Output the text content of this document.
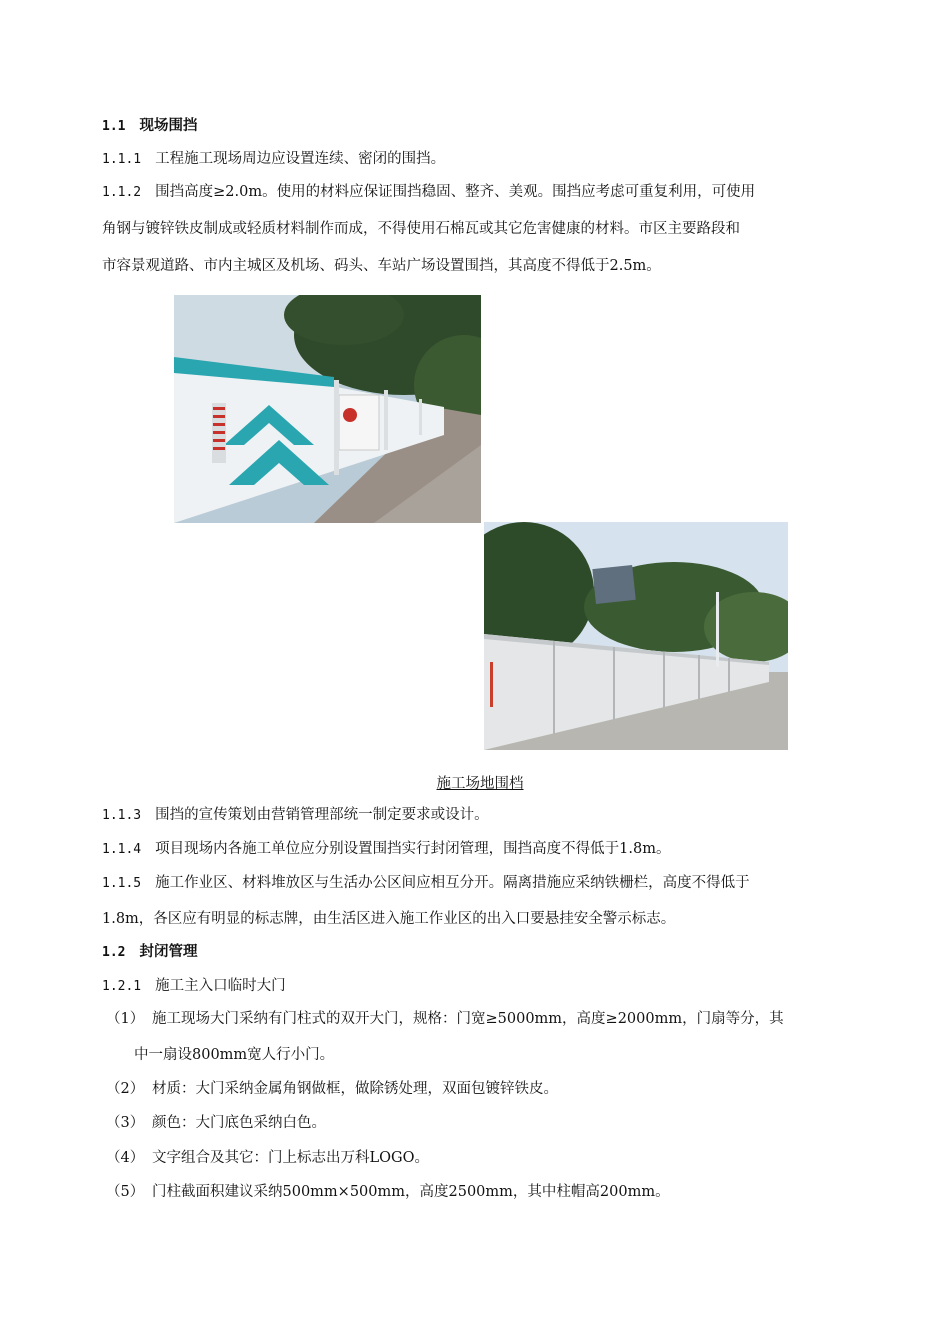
1.1 现场围挡
1.1.1 工程施工现场周边应设置连续、密闭的围挡。
1.1.2 围挡高度≥2.0m。使用的材料应保证围挡稳固、整齐、美观。围挡应考虑可重复利用，可使用
角钢与镀锌铁皮制成或轻质材料制作而成，不得使用石棉瓦或其它危害健康的材料。市区主要路段和
市容景观道路、市内主城区及机场、码头、车站广场设置围挡，其高度不得低于2.5m。
施工场地围档
1.1.3 围挡的宣传策划由营销管理部统一制定要求或设计。
1.1.4 项目现场内各施工单位应分别设置围挡实行封闭管理，围挡高度不得低于1.8m。
1.1.5 施工作业区、材料堆放区与生活办公区间应相互分开。隔离措施应采纳铁栅栏，高度不得低于
1.8m，各区应有明显的标志牌，由生活区进入施工作业区的出入口要悬挂安全警示标志。
1.2 封闭管理
1.2.1 施工主入口临时大门
（1） 施工现场大门采纳有门柱式的双开大门，规格：门宽≥5000mm，高度≥2000mm，门扇等分，其
中一扇设800mm宽人行小门。
（2） 材质：大门采纳金属角钢做框，做除锈处理，双面包镀锌铁皮。
（3） 颜色：大门底色采纳白色。
（4） 文字组合及其它：门上标志出万科LOGO。
（5） 门柱截面积建议采纳500mm×500mm，高度2500mm，其中柱帽高200mm。
